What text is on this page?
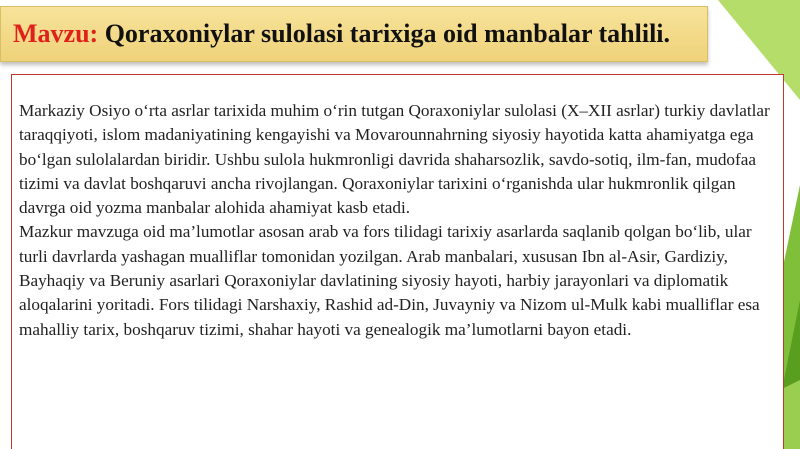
Mavzu: Qoraxoniylar sulolasi tarixiga oid manbalar tahlili.

Markaziy Osiyo o‘rta asrlar tarixida muhim o‘rin tutgan Qoraxoniylar sulolasi (X–XII asrlar) turkiy davlatlar taraqqiyoti, islom madaniyatining kengayishi va Movarounnahrning siyosiy hayotida katta ahamiyatga ega bo‘lgan sulolalardan biridir. Ushbu sulola hukmronligi davrida shaharsozlik, savdo-sotiq, ilm-fan, mudofaa tizimi va davlat boshqaruvi ancha rivojlangan. Qoraxoniylar tarixini o‘rganishda ular hukmronlik qilgan davrga oid yozma manbalar alohida ahamiyat kasb etadi.

Mazkur mavzuga oid ma’lumotlar asosan arab va fors tilidagi tarixiy asarlarda saqlanib qolgan bo‘lib, ular turli davrlarda yashagan mualliflar tomonidan yozilgan. Arab manbalari, xususan Ibn al-Asir, Gardiziy, Bayhaqiy va Beruniy asarlari Qoraxoniylar davlatining siyosiy hayoti, harbiy jarayonlari va diplomatik aloqalarini yoritadi. Fors tilidagi Narshaxiy, Rashid ad-Din, Juvayniy va Nizom ul-Mulk kabi mualliflar esa mahalliy tarix, boshqaruv tizimi, shahar hayoti va genealogik ma’lumotlarni bayon etadi.
